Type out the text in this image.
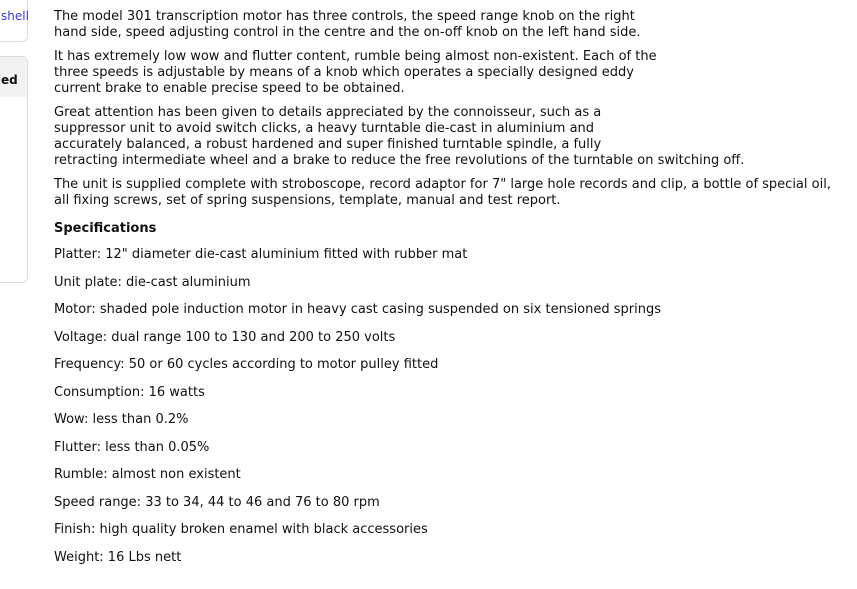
shell
ed

The model 301 transcription motor has three controls, the speed range knob on the right
hand side, speed adjusting control in the centre and the on-off knob on the left hand side.

It has extremely low wow and flutter content, rumble being almost non-existent. Each of the
three speeds is adjustable by means of a knob which operates a specially designed eddy
current brake to enable precise speed to be obtained.

Great attention has been given to details appreciated by the connoisseur, such as a
suppressor unit to avoid switch clicks, a heavy turntable die-cast in aluminium and
accurately balanced, a robust hardened and super finished turntable spindle, a fully
retracting intermediate wheel and a brake to reduce the free revolutions of the turntable on switching off.

The unit is supplied complete with stroboscope, record adaptor for 7" large hole records and clip, a bottle of special oil,
all fixing screws, set of spring suspensions, template, manual and test report.

Specifications
Platter: 12" diameter die-cast aluminium fitted with rubber mat
Unit plate: die-cast aluminium
Motor: shaded pole induction motor in heavy cast casing suspended on six tensioned springs
Voltage: dual range 100 to 130 and 200 to 250 volts
Frequency: 50 or 60 cycles according to motor pulley fitted
Consumption: 16 watts
Wow: less than 0.2%
Flutter: less than 0.05%
Rumble: almost non existent
Speed range: 33 to 34, 44 to 46 and 76 to 80 rpm
Finish: high quality broken enamel with black accessories
Weight: 16 Lbs nett
